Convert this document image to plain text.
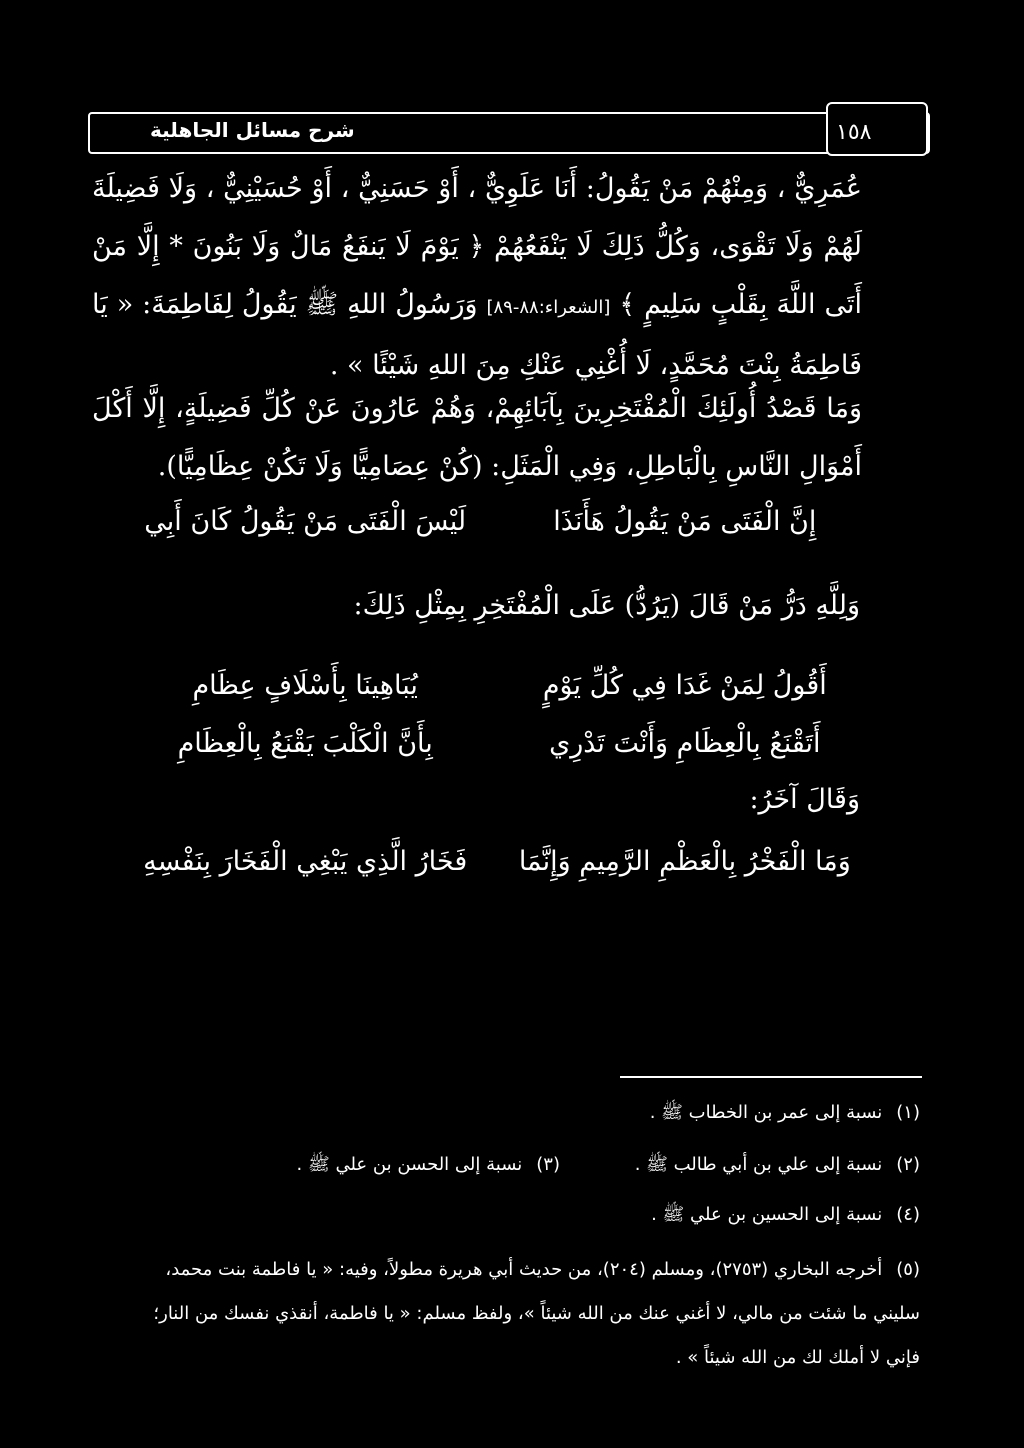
شرح مسائل الجاهلية	١٥٨
عُمَرِيٌّ ، وَمِنْهُمْ مَنْ يَقُولُ: أَنَا عَلَوِيٌّ ، أَوْ حَسَنِيٌّ ، أَوْ حُسَيْنِيٌّ ، وَلَا فَضِيلَةَ لَهُمْ وَلَا تَقْوَى، وَكُلُّ ذَلِكَ لَا يَنْفَعُهُمْ ﴿ يَوْمَ لَا يَنفَعُ مَالٌ وَلَا بَنُونَ * إِلَّا مَنْ أَتَى اللَّهَ بِقَلْبٍ سَلِيمٍ ﴾ [الشعراء:٨٨-٨٩] وَرَسُولُ اللهِ ﷺ يَقُولُ لِفَاطِمَةَ: « يَا فَاطِمَةُ بِنْتَ مُحَمَّدٍ، لَا أُغْنِي عَنْكِ مِنَ اللهِ شَيْئًا » .
وَمَا قَصْدُ أُولَئِكَ الْمُفْتَخِرِينَ بِآبَائِهِمْ، وَهُمْ عَارُونَ عَنْ كُلِّ فَضِيلَةٍ، إِلَّا أَكْلَ أَمْوَالِ النَّاسِ بِالْبَاطِلِ، وَفِي الْمَثَلِ: (كُنْ عِصَامِيًّا وَلَا تَكُنْ عِظَامِيًّا).
إِنَّ الْفَتَى مَنْ يَقُولُ هَأَنَذَا
لَيْسَ الْفَتَى مَنْ يَقُولُ كَانَ أَبِي
وَلِلَّهِ دَرُّ مَنْ قَالَ (يَرُدُّ) عَلَى الْمُفْتَخِرِ بِمِثْلِ ذَلِكَ:
أَقُولُ لِمَنْ غَدَا فِي كُلِّ يَوْمٍ
يُبَاهِينَا بِأَسْلَافٍ عِظَامِ
أَتَقْنَعُ بِالْعِظَامِ وَأَنْتَ تَدْرِي
بِأَنَّ الْكَلْبَ يَقْنَعُ بِالْعِظَامِ
وَقَالَ آخَرُ:
وَمَا الْفَخْرُ بِالْعَظْمِ الرَّمِيمِ وَإِنَّمَا
فَخَارُ الَّذِي يَبْغِي الْفَخَارَ بِنَفْسِهِ
(١)نسبة إلى عمر بن الخطاب ﷺ .
(٢)نسبة إلى علي بن أبي طالب ﷺ .
(٣)نسبة إلى الحسن بن علي ﷺ .
(٤)نسبة إلى الحسين بن علي ﷺ .
(٥)أخرجه البخاري (٢٧٥٣)، ومسلم (٢٠٤)، من حديث أبي هريرة مطولاً، وفيه: « يا فاطمة بنت محمد، سليني ما شئت من مالي، لا أغني عنك من الله شيئاً »، ولفظ مسلم: « يا فاطمة، أنقذي نفسك من النار؛ فإني لا أملك لك من الله شيئاً » .
